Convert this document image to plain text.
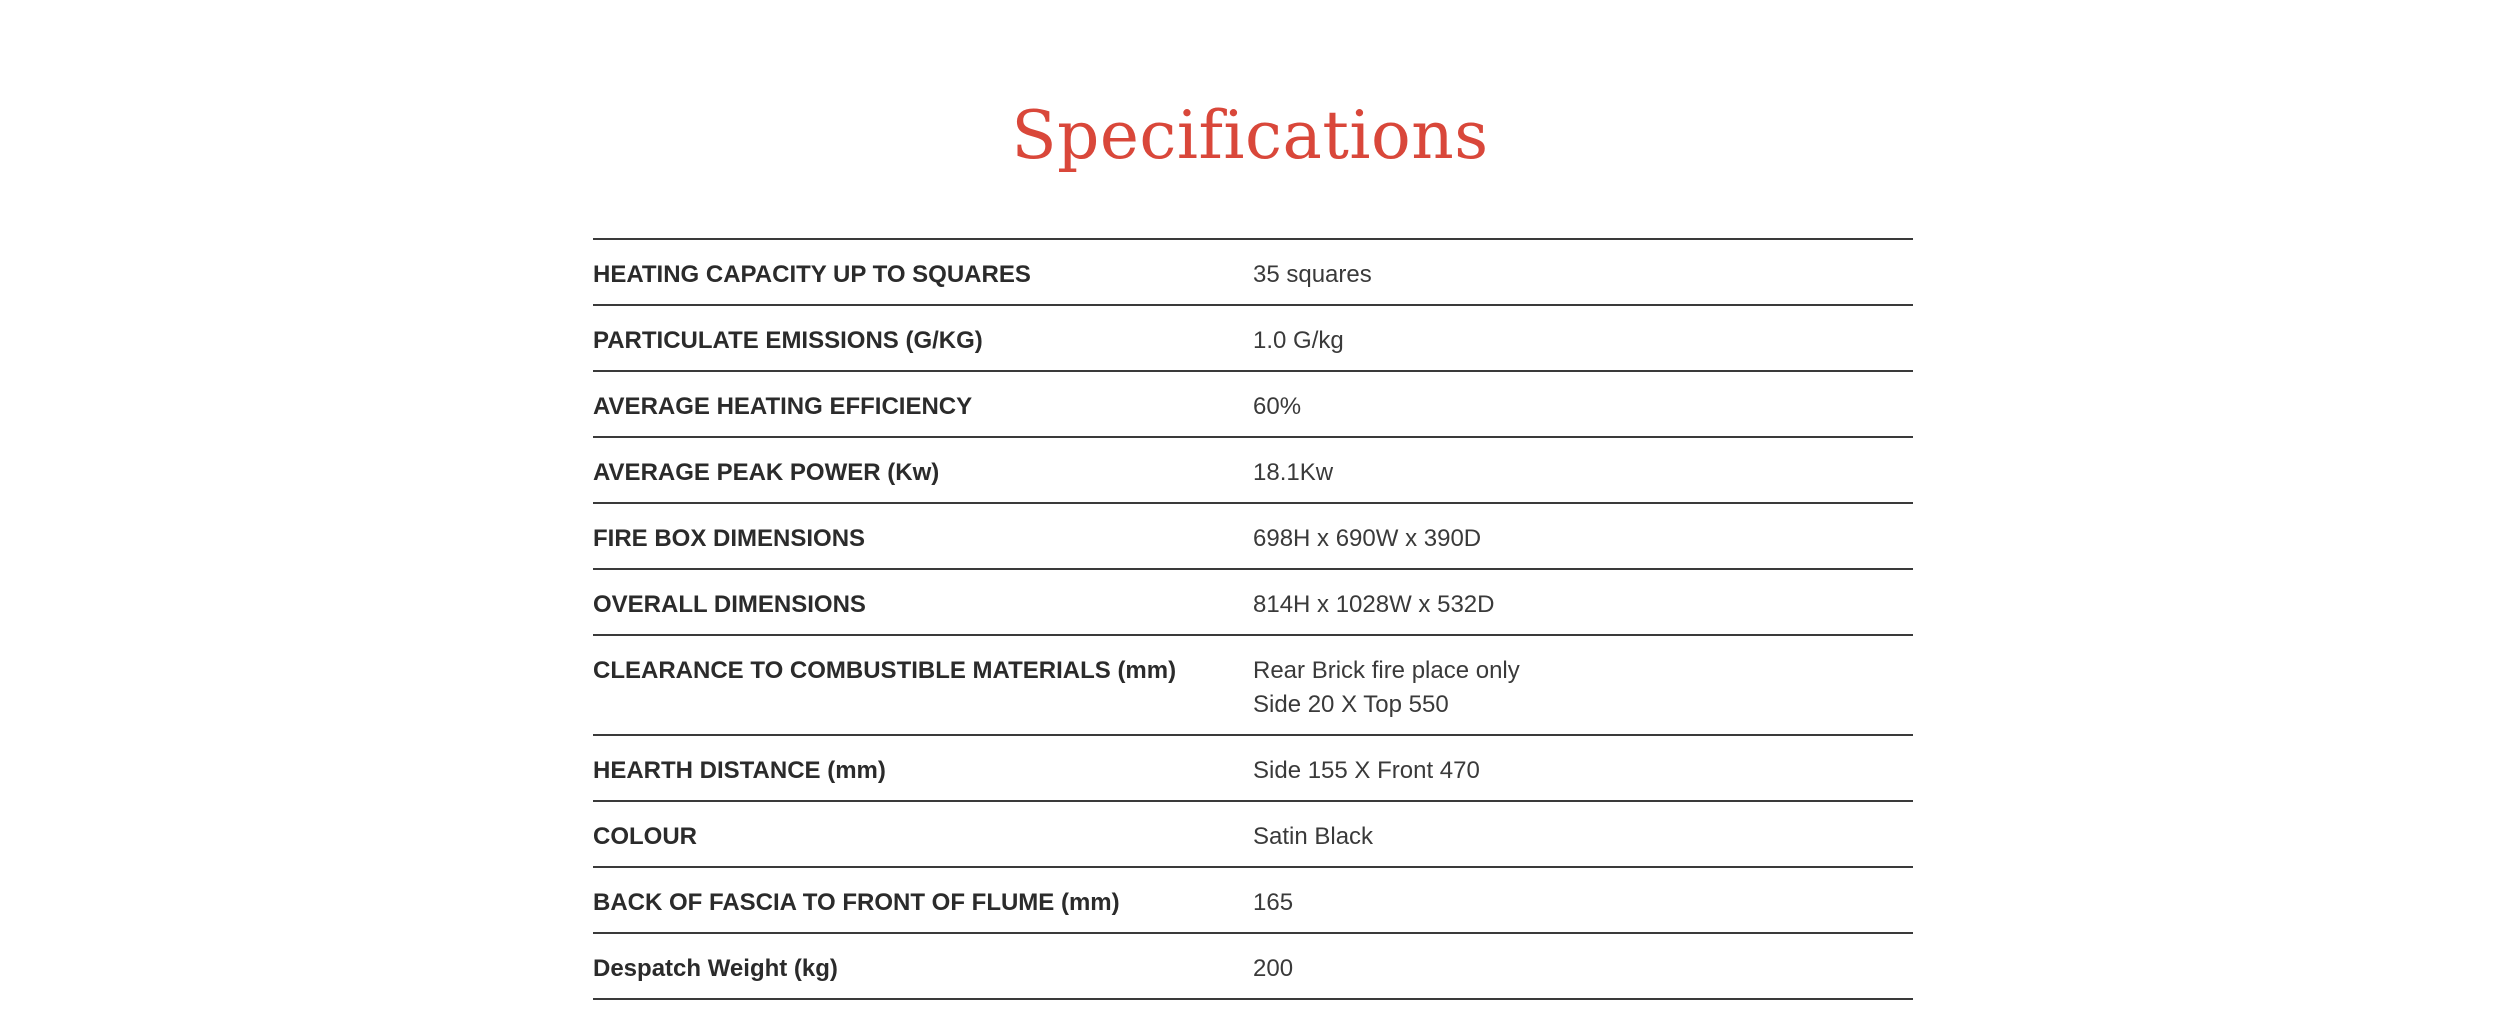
Specifications
HEATING CAPACITY UP TO SQUARES	35 squares
PARTICULATE EMISSIONS (G/KG)	1.0 G/kg
AVERAGE HEATING EFFICIENCY	60%
AVERAGE PEAK POWER (Kw)	18.1Kw
FIRE BOX DIMENSIONS	698H x 690W x 390D
OVERALL DIMENSIONS	814H x 1028W x 532D
CLEARANCE TO COMBUSTIBLE MATERIALS (mm)	Rear Brick fire place only
Side 20 X Top 550
HEARTH DISTANCE (mm)	Side 155 X Front 470
COLOUR	Satin Black
BACK OF FASCIA TO FRONT OF FLUME (mm)	165
Despatch Weight (kg)	200
